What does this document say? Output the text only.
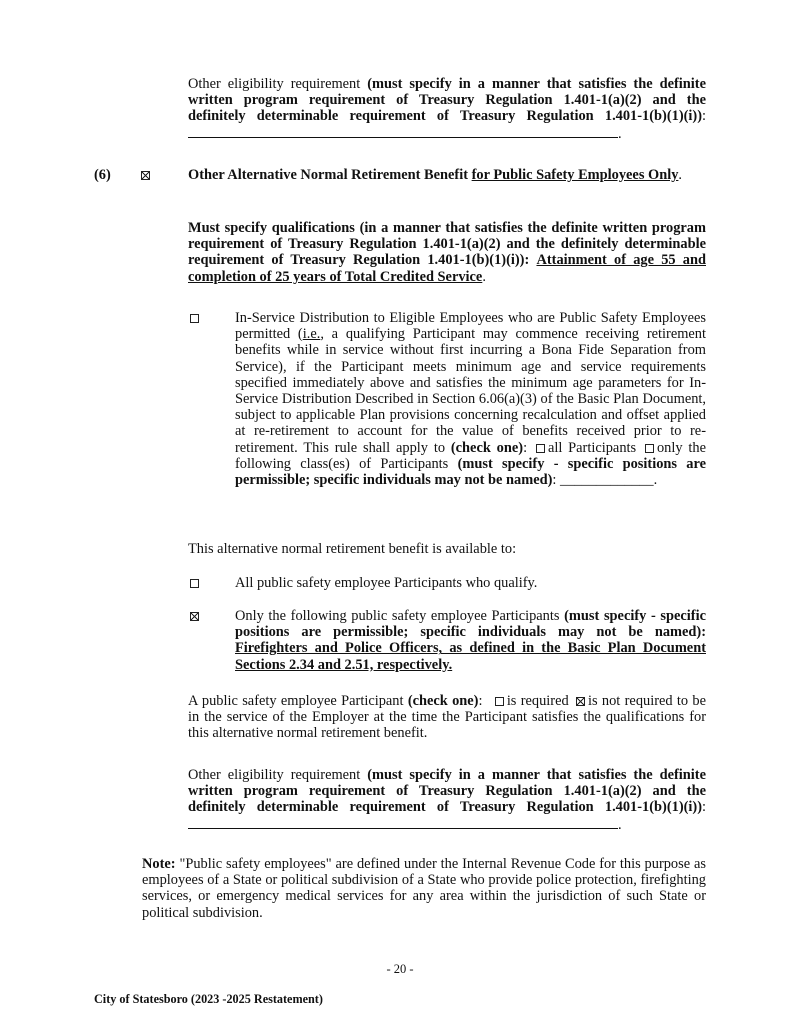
Other eligibility requirement (must specify in a manner that satisfies the definite written program requirement of Treasury Regulation 1.401-1(a)(2) and the definitely determinable requirement of Treasury Regulation 1.401-1(b)(1)(i)): .
(6)	Other Alternative Normal Retirement Benefit for Public Safety Employees Only.
Must specify qualifications (in a manner that satisfies the definite written program requirement of Treasury Regulation 1.401-1(a)(2) and the definitely determinable requirement of Treasury Regulation 1.401-1(b)(1)(i)): Attainment of age 55 and completion of 25 years of Total Credited Service.
In-Service Distribution to Eligible Employees who are Public Safety Employees permitted (i.e., a qualifying Participant may commence receiving retirement benefits while in service without first incurring a Bona Fide Separation from Service), if the Participant meets minimum age and service requirements specified immediately above and satisfies the minimum age parameters for In-Service Distribution Described in Section 6.06(a)(3) of the Basic Plan Document, subject to applicable Plan provisions concerning recalculation and offset applied at re-retirement to account for the value of benefits received prior to re-retirement. This rule shall apply to (check one): all Participants only the following class(es) of Participants (must specify - specific positions are permissible; specific individuals may not be named): _____________.
This alternative normal retirement benefit is available to:
All public safety employee Participants who qualify.
Only the following public safety employee Participants (must specify - specific positions are permissible; specific individuals may not be named): Firefighters and Police Officers, as defined in the Basic Plan Document Sections 2.34 and 2.51, respectively.
A public safety employee Participant (check one): is required is not required to be in the service of the Employer at the time the Participant satisfies the qualifications for this alternative normal retirement benefit.
Other eligibility requirement (must specify in a manner that satisfies the definite written program requirement of Treasury Regulation 1.401-1(a)(2) and the definitely determinable requirement of Treasury Regulation 1.401-1(b)(1)(i)): .
Note: "Public safety employees" are defined under the Internal Revenue Code for this purpose as employees of a State or political subdivision of a State who provide police protection, firefighting services, or emergency medical services for any area within the jurisdiction of such State or political subdivision.
- 20 -
City of Statesboro (2023 -2025 Restatement)
